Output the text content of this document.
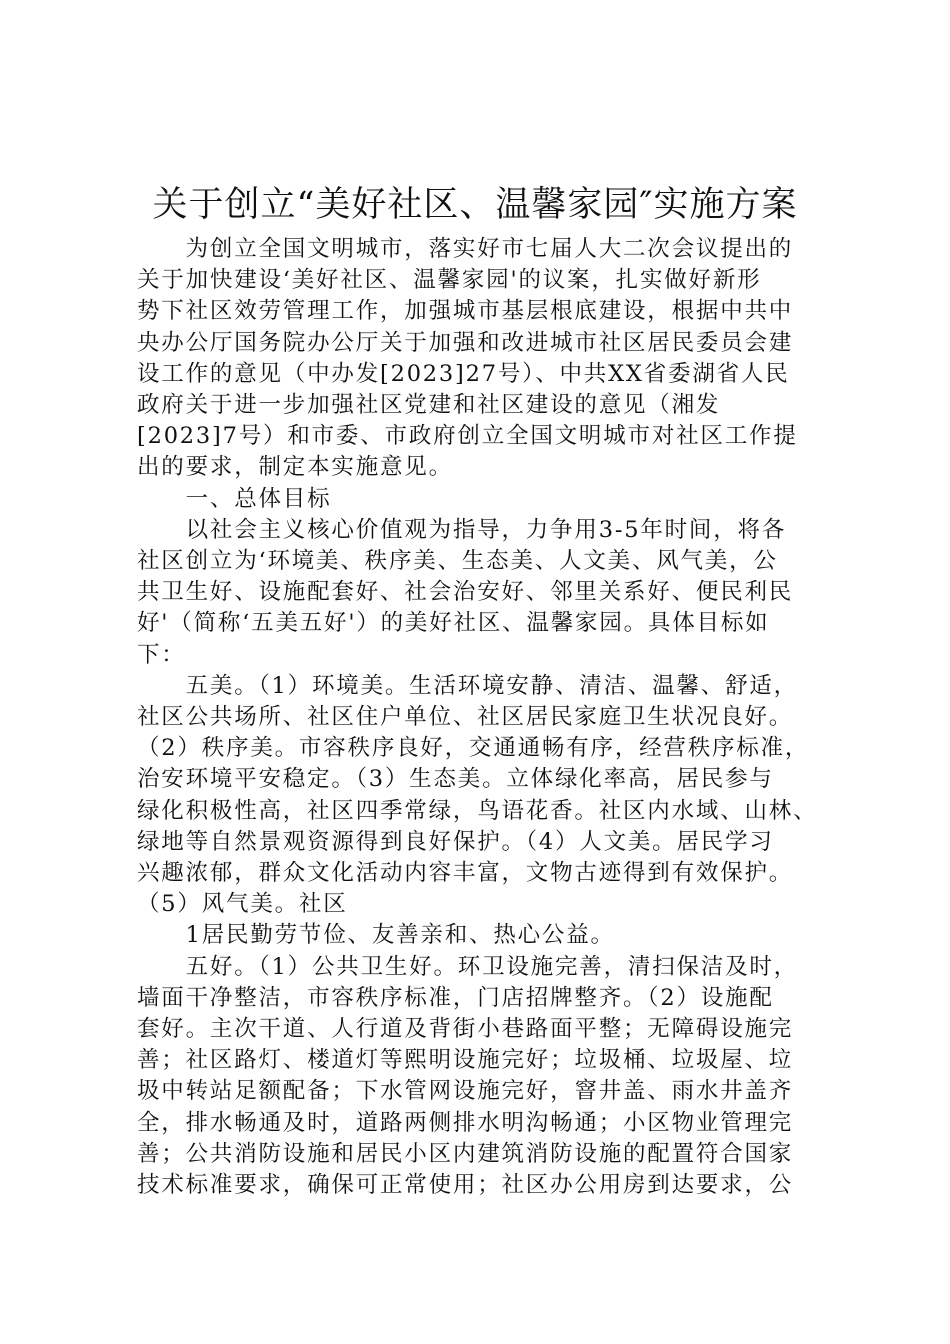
关于创立“美好社区、温馨家园″实施方案

　　为创立全国文明城市，落实好市七届人大二次会议提出的
关于加快建设‘美好社区、温馨家园'的议案，扎实做好新形
势下社区效劳管理工作，加强城市基层根底建设，根据中共中
央办公厅国务院办公厅关于加强和改进城市社区居民委员会建
设工作的意见（中办发[2023]27号）、中共XX省委湖省人民
政府关于进一步加强社区党建和社区建设的意见（湘发
[2023]7号）和市委、市政府创立全国文明城市对社区工作提
出的要求，制定本实施意见。

　　一、总体目标

　　以社会主义核心价值观为指导，力争用3-5年时间，将各
社区创立为‘环境美、秩序美、生态美、人文美、风气美，公
共卫生好、设施配套好、社会治安好、邻里关系好、便民利民
好'（简称‘五美五好'）的美好社区、温馨家园。具体目标如
下：

　　五美。（1）环境美。生活环境安静、清洁、温馨、舒适，
社区公共场所、社区住户单位、社区居民家庭卫生状况良好。
（2）秩序美。市容秩序良好，交通通畅有序，经营秩序标准，
治安环境平安稳定。（3）生态美。立体绿化率高，居民参与
绿化积极性高，社区四季常绿，鸟语花香。社区内水域、山林、
绿地等自然景观资源得到良好保护。（4）人文美。居民学习
兴趣浓郁，群众文化活动内容丰富，文物古迹得到有效保护。
（5）风气美。社区

　　1居民勤劳节俭、友善亲和、热心公益。

　　五好。（1）公共卫生好。环卫设施完善，清扫保洁及时，
墙面干净整洁，市容秩序标准，门店招牌整齐。（2）设施配
套好。主次干道、人行道及背街小巷路面平整；无障碍设施完
善；社区路灯、楼道灯等熙明设施完好；垃圾桶、垃圾屋、垃
圾中转站足额配备；下水管网设施完好，窨井盖、雨水井盖齐
全，排水畅通及时，道路两侧排水明沟畅通；小区物业管理完
善；公共消防设施和居民小区内建筑消防设施的配置符合国家
技术标准要求，确保可正常使用；社区办公用房到达要求，公
